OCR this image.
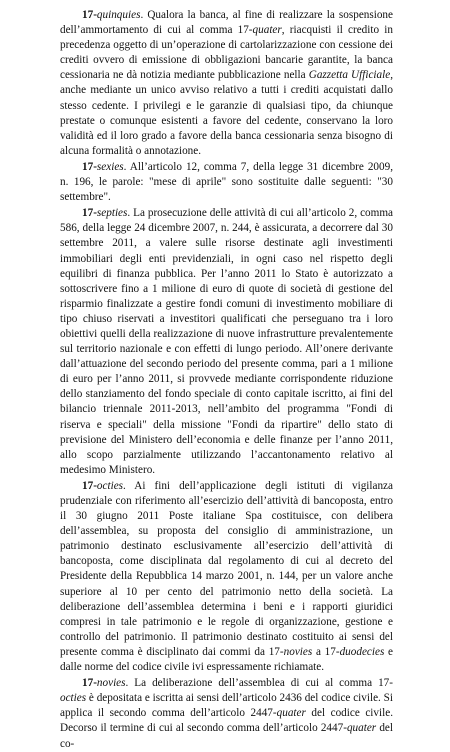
17-quinquies. Qualora la banca, al fine di realizzare la sospensione dell’ammortamento di cui al comma 17-quater, riacquisti il credito in precedenza oggetto di un’operazione di cartolarizzazione con cessione dei crediti ovvero di emissione di obbligazioni bancarie garantite, la banca cessionaria ne dà notizia mediante pubblicazione nella Gazzetta Ufficiale, anche mediante un unico avviso relativo a tutti i crediti acquistati dallo stesso cedente. I privilegi e le garanzie di qualsiasi tipo, da chiunque prestate o comunque esistenti a favore del cedente, conservano la loro validità ed il loro grado a favore della banca cessionaria senza bisogno di alcuna formalità o annotazione.

17-sexies. All’articolo 12, comma 7, della legge 31 dicembre 2009, n. 196, le parole: "mese di aprile" sono sostituite dalle seguenti: "30 settembre".

17-septies. La prosecuzione delle attività di cui all’articolo 2, comma 586, della legge 24 dicembre 2007, n. 244, è assicurata, a decorrere dal 30 settembre 2011, a valere sulle risorse destinate agli investimenti immobiliari degli enti previdenziali, in ogni caso nel rispetto degli equilibri di finanza pubblica. Per l’anno 2011 lo Stato è autorizzato a sottoscrivere fino a 1 milione di euro di quote di società di gestione del risparmio finalizzate a gestire fondi comuni di investimento mobiliare di tipo chiuso riservati a investitori qualificati che perseguano tra i loro obiettivi quelli della realizzazione di nuove infrastrutture prevalentemente sul territorio nazionale e con effetti di lungo periodo. All’onere derivante dall’attuazione del secondo periodo del presente comma, pari a 1 milione di euro per l’anno 2011, si provvede mediante corrispondente riduzione dello stanziamento del fondo speciale di conto capitale iscritto, ai fini del bilancio triennale 2011-2013, nell’ambito del programma "Fondi di riserva e speciali" della missione "Fondi da ripartire" dello stato di previsione del Ministero dell’economia e delle finanze per l’anno 2011, allo scopo parzialmente utilizzando l’accantonamento relativo al medesimo Ministero.

17-octies. Ai fini dell’applicazione degli istituti di vigilanza prudenziale con riferimento all’esercizio dell’attività di bancoposta, entro il 30 giugno 2011 Poste italiane Spa costituisce, con delibera dell’assemblea, su proposta del consiglio di amministrazione, un patrimonio destinato esclusivamente all’esercizio dell’attività di bancoposta, come disciplinata dal regolamento di cui al decreto del Presidente della Repubblica 14 marzo 2001, n. 144, per un valore anche superiore al 10 per cento del patrimonio netto della società. La deliberazione dell’assemblea determina i beni e i rapporti giuridici compresi in tale patrimonio e le regole di organizzazione, gestione e controllo del patrimonio. Il patrimonio destinato costituito ai sensi del presente comma è disciplinato dai commi da 17-novies a 17-duodecies e dalle norme del codice civile ivi espressamente richiamate.

17-novies. La deliberazione dell’assemblea di cui al comma 17-octies è depositata e iscritta ai sensi dell’articolo 2436 del codice civile. Si applica il secondo comma dell’articolo 2447-quater del codice civile. Decorso il termine di cui al secondo comma dell’articolo 2447-quater del co-
